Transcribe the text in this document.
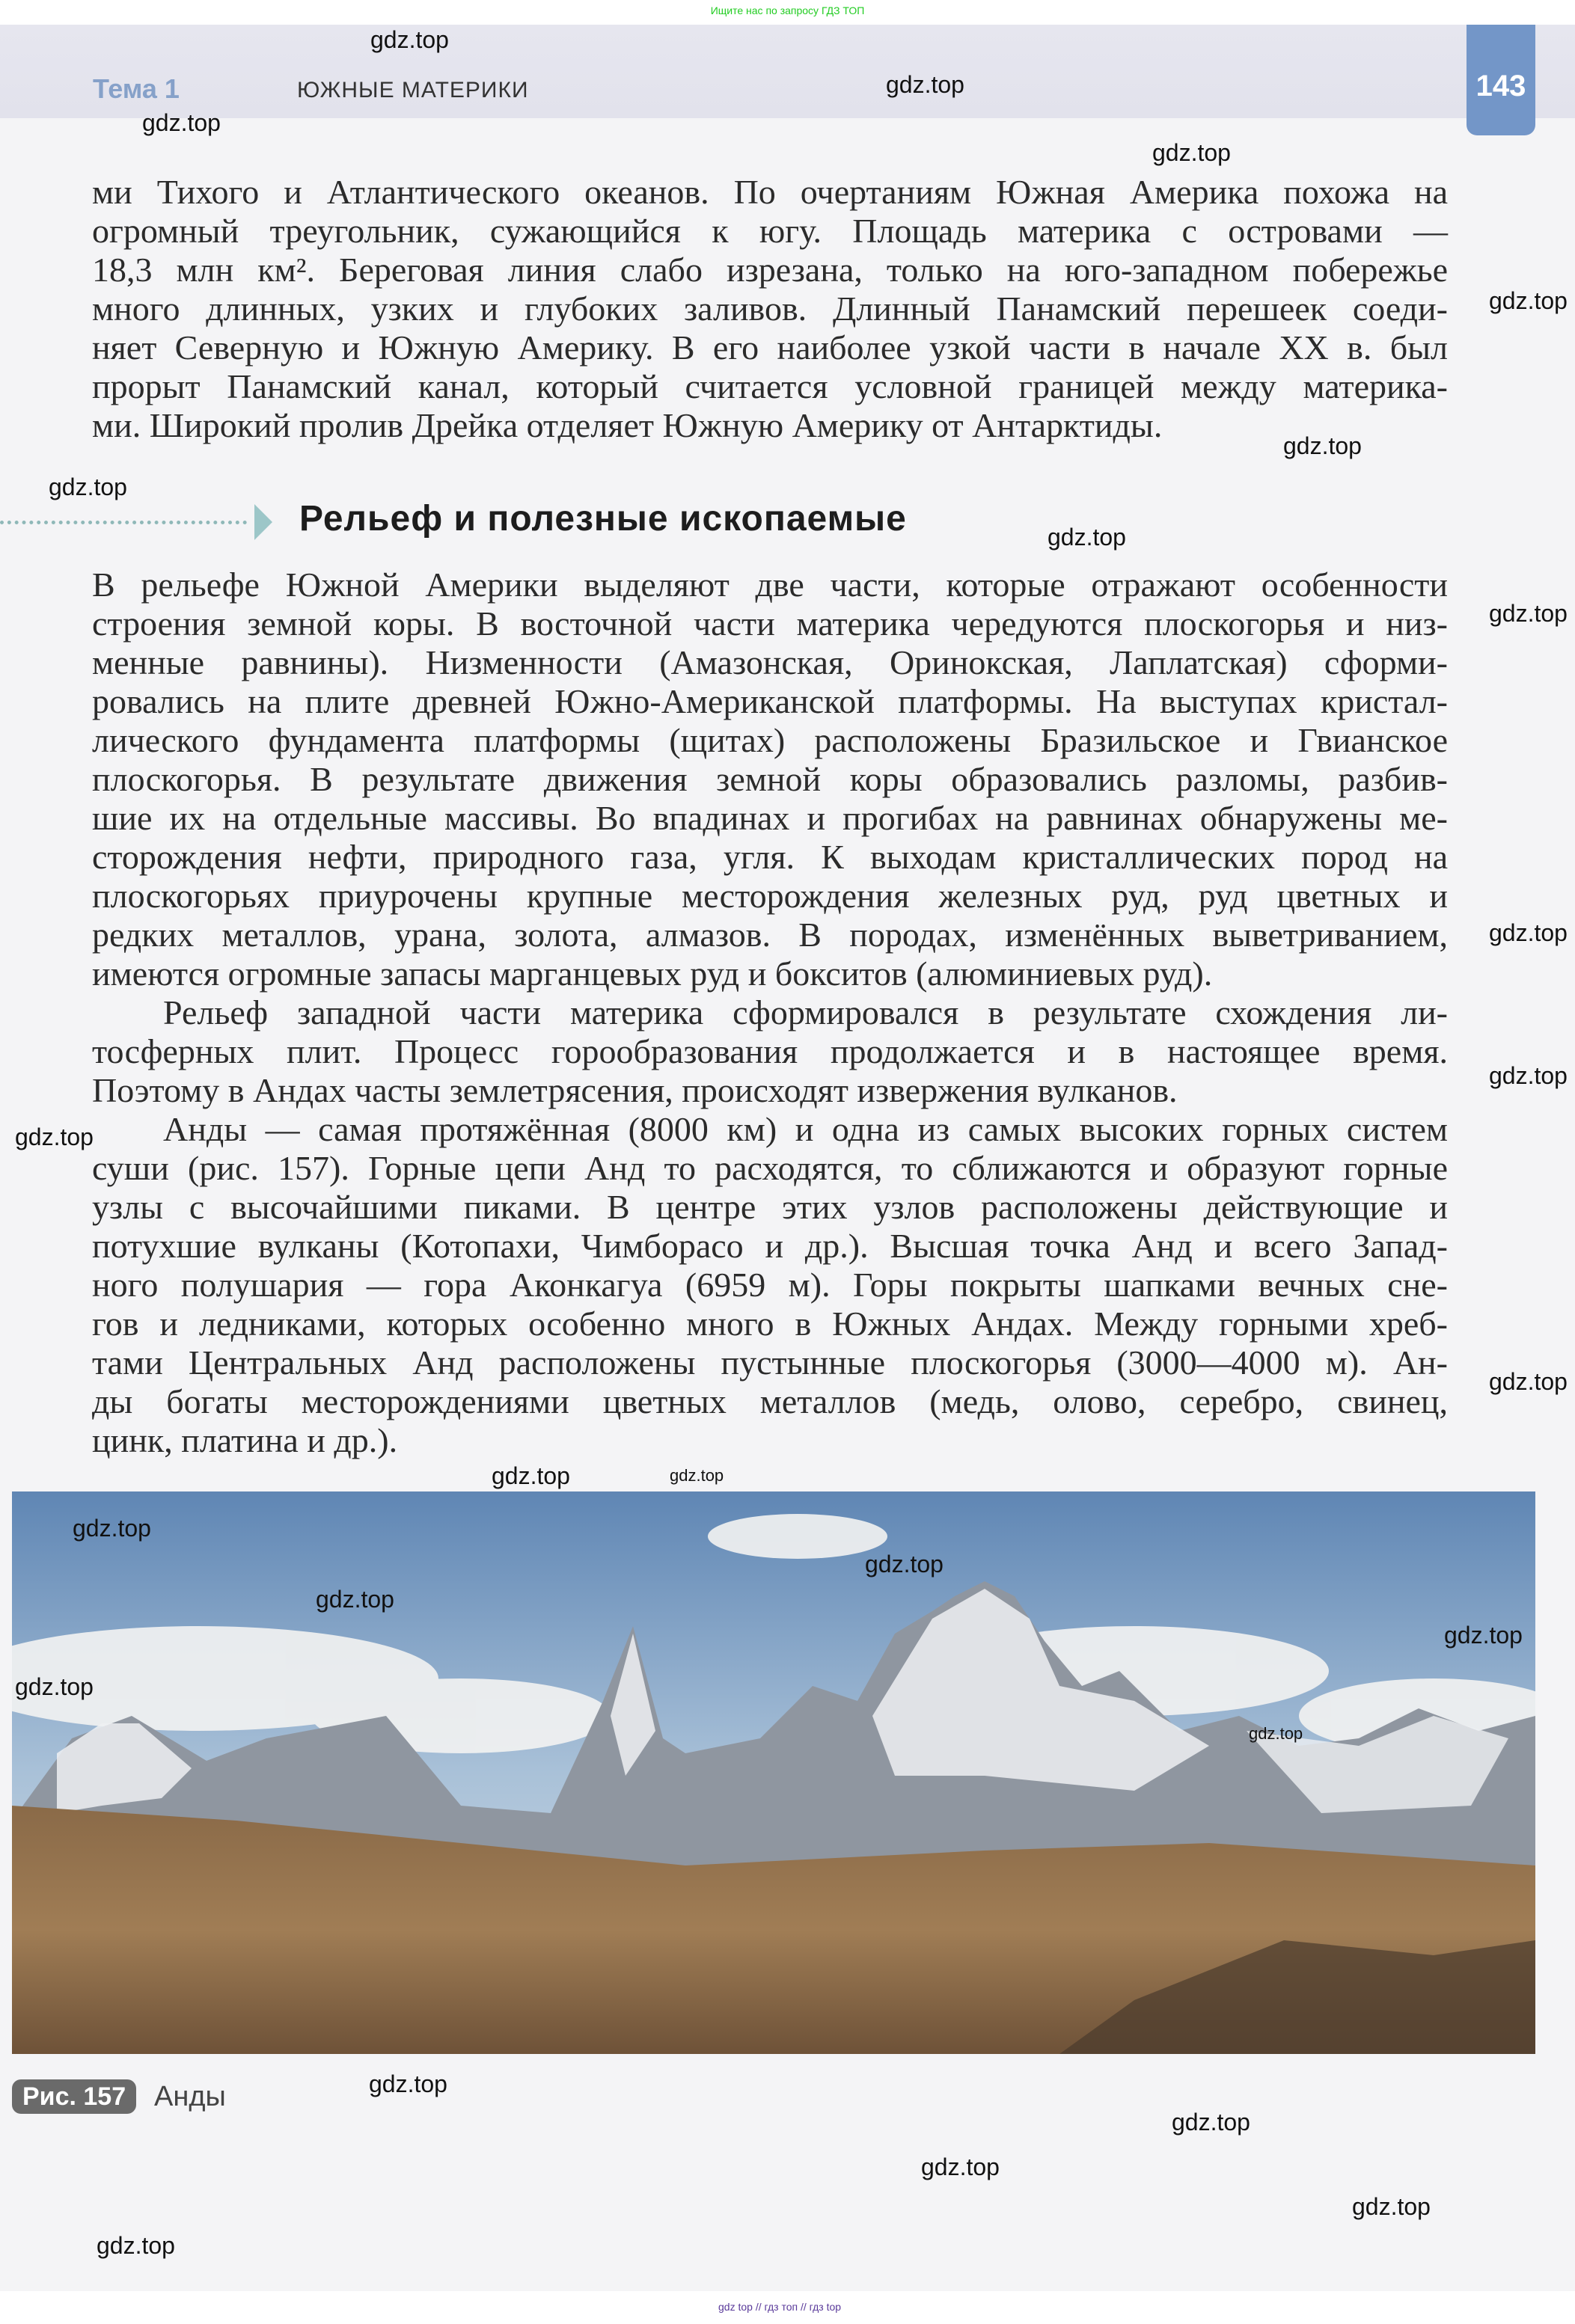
Ищите нас по запросу ГДЗ ТОП
Тема 1	ЮЖНЫЕ МАТЕРИКИ	143
ми Тихого и Атлантического океанов. По очертаниям Южная Америка похожа на
огромный треугольник, сужающийся к югу. Площадь материка с островами —
18,3 млн км². Береговая линия слабо изрезана, только на юго-западном побережье
много длинных, узких и глубоких заливов. Длинный Панамский перешеек соеди-
няет Северную и Южную Америку. В его наиболее узкой части в начале XX в. был
прорыт Панамский канал, который считается условной границей между материка-
ми. Широкий пролив Дрейка отделяет Южную Америку от Антарктиды.
Рельеф и полезные ископаемые
В рельефе Южной Америки выделяют две части, которые отражают особенности
строения земной коры. В восточной части материка чередуются плоскогорья и низ-
менные равнины). Низменности (Амазонская, Оринокская, Лаплатская) сформи-
ровались на плите древней Южно-Американской платформы. На выступах кристал-
лического фундамента платформы (щитах) расположены Бразильское и Гвианское
плоскогорья. В результате движения земной коры образовались разломы, разбив-
шие их на отдельные массивы. Во впадинах и прогибах на равнинах обнаружены ме-
сторождения нефти, природного газа, угля. К выходам кристаллических пород на
плоскогорьях приурочены крупные месторождения железных руд, руд цветных и
редких металлов, урана, золота, алмазов. В породах, изменённых выветриванием,
имеются огромные запасы марганцевых руд и бокситов (алюминиевых руд).
Рельеф западной части материка сформировался в результате схождения ли-
тосферных плит. Процесс горообразования продолжается и в настоящее время.
Поэтому в Андах часты землетрясения, происходят извержения вулканов.
Анды — самая протяжённая (8000 км) и одна из самых высоких горных систем
суши (рис. 157). Горные цепи Анд то расходятся, то сближаются и образуют горные
узлы с высочайшими пиками. В центре этих узлов расположены действующие и
потухшие вулканы (Котопахи, Чимборасо и др.). Высшая точка Анд и всего Запад-
ного полушария — гора Аконкагуа (6959 м). Горы покрыты шапками вечных сне-
гов и ледниками, которых особенно много в Южных Андах. Между горными хреб-
тами Центральных Анд расположены пустынные плоскогорья (3000—4000 м). Ан-
ды богаты месторождениями цветных металлов (медь, олово, серебро, свинец,
цинк, платина и др.).
Рис. 157 Анды
gdz.top
gdz.top
gdz.top
gdz.top
gdz.top
gdz.top
gdz.top
gdz.top
gdz.top
gdz.top
gdz.top
gdz.top
gdz.top
gdz.top
gdz.top
gdz.top
gdz.top
gdz.top
gdz.top
gdz.top
gdz.top
gdz.top
gdz.top
gdz.top
gdz.top
gdz.top
gdz top // гдз топ // гдз top
